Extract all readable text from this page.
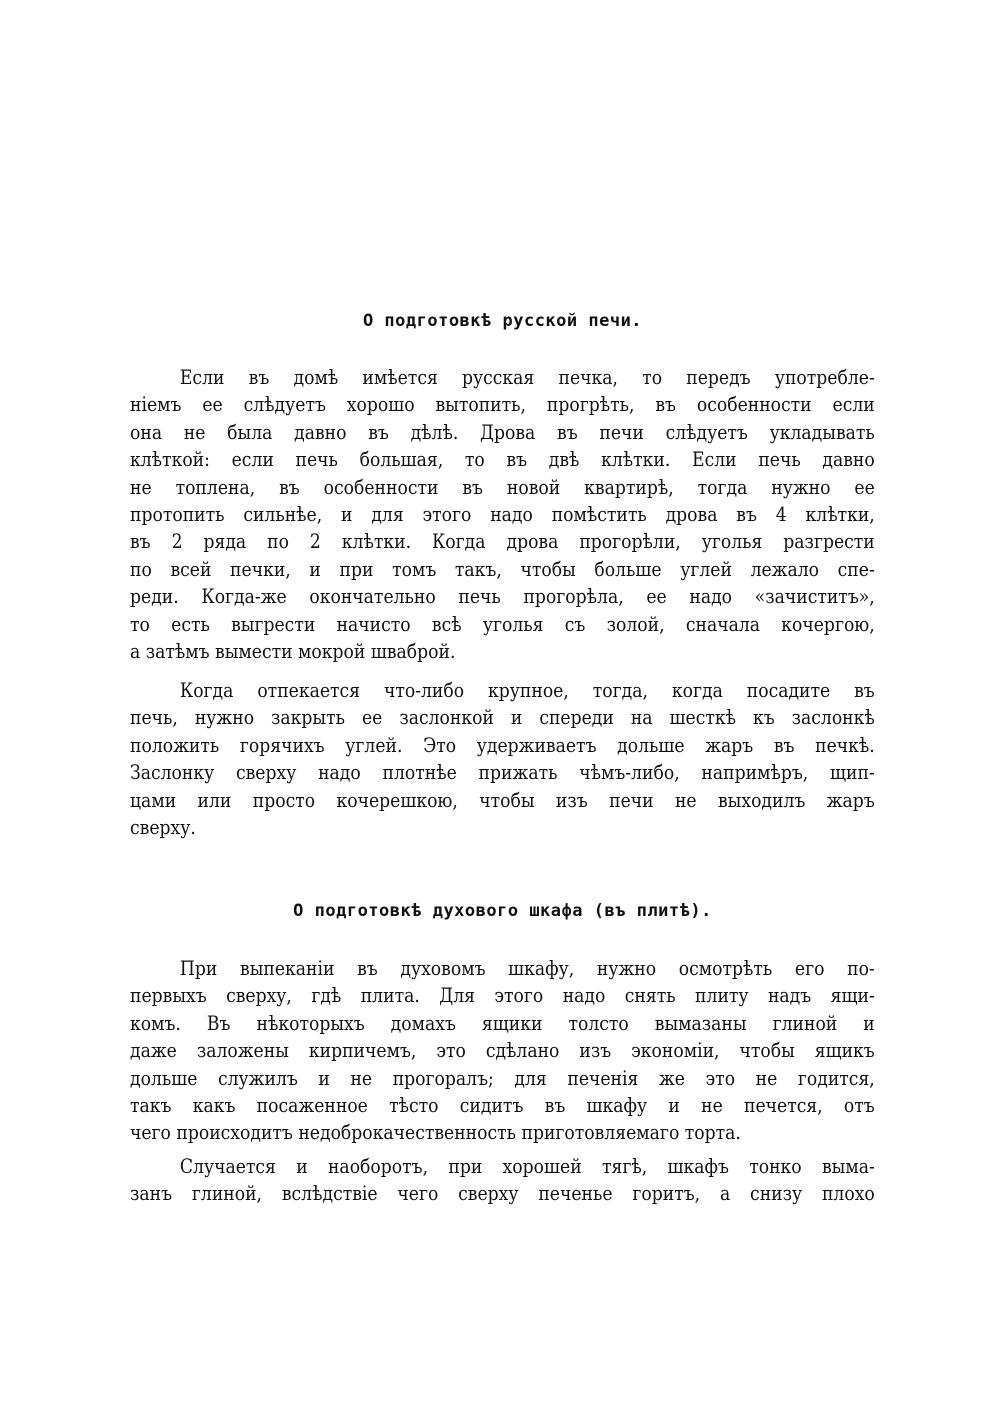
О подготовкѣ русской печи.
Если въ домѣ имѣется русская печка, то передъ употребле-
ніемъ ее слѣдуетъ хорошо вытопить, прогрѣть, въ особенности если
она не была давно въ дѣлѣ. Дрова въ печи слѣдуетъ укладывать
клѣткой: если печь большая, то въ двѣ клѣтки. Если печь давно
не топлена, въ особенности въ новой квартирѣ, тогда нужно ее
протопить сильнѣе, и для этого надо помѣстить дрова въ 4 клѣтки,
въ 2 ряда по 2 клѣтки. Когда дрова прогорѣли, уголья разгрести
по всей печки, и при томъ такъ, чтобы больше углей лежало спе-
реди. Когда-же окончательно печь прогорѣла, ее надо «зачиститъ»,
то есть выгрести начисто всѣ уголья съ золой, сначала кочергою,
а затѣмъ вымести мокрой шваброй.
Когда отпекается что-либо крупное, тогда, когда посадите въ
печь, нужно закрыть ее заслонкой и спереди на шесткѣ къ заслонкѣ
положить горячихъ углей. Это удерживаетъ дольше жаръ въ печкѣ.
Заслонку сверху надо плотнѣе прижать чѣмъ-либо, напримѣръ, щип-
цами или просто кочерешкою, чтобы изъ печи не выходилъ жаръ
сверху.
О подготовкѣ духового шкафа (въ плитѣ).
При выпеканіи въ духовомъ шкафу, нужно осмотрѣть его по-
первыхъ сверху, гдѣ плита. Для этого надо снять плиту надъ ящи-
комъ. Въ нѣкоторыхъ домахъ ящики толсто вымазаны глиной и
даже заложены кирпичемъ, это сдѣлано изъ экономіи, чтобы ящикъ
дольше служилъ и не прогоралъ; для печенія же это не годится,
такъ какъ посаженное тѣсто сидитъ въ шкафу и не печется, отъ
чего происходитъ недоброкачественность приготовляемаго торта.
Случается и наоборотъ, при хорошей тягѣ, шкафъ тонко выма-
занъ глиной, вслѣдствіе чего сверху печенье горитъ, а снизу плохо
